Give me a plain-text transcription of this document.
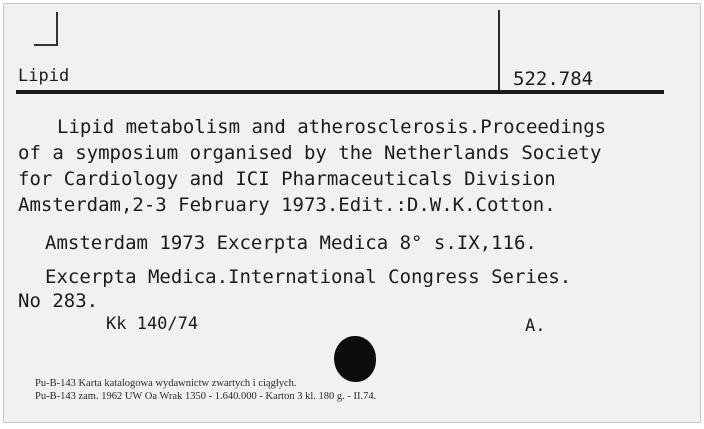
Lipid	522.784
Lipid metabolism and atherosclerosis.Proceedings
of a symposium organised by the Netherlands Society
for Cardiology and ICI Pharmaceuticals Division
Amsterdam,2-3 February 1973.Edit.:D.W.K.Cotton.
Amsterdam 1973 Excerpta Medica 8° s.IX,116.
Excerpta Medica.International Congress Series.
No 283.
Kk 140/74	A.
Pu-B-143 Karta katalogowa wydawnictw zwartych i ciągłych.
Pu-B-143 zam. 1962 UW Oa Wrak 1350 - 1.640.000 - Karton 3 kl. 180 g. - II.74.
